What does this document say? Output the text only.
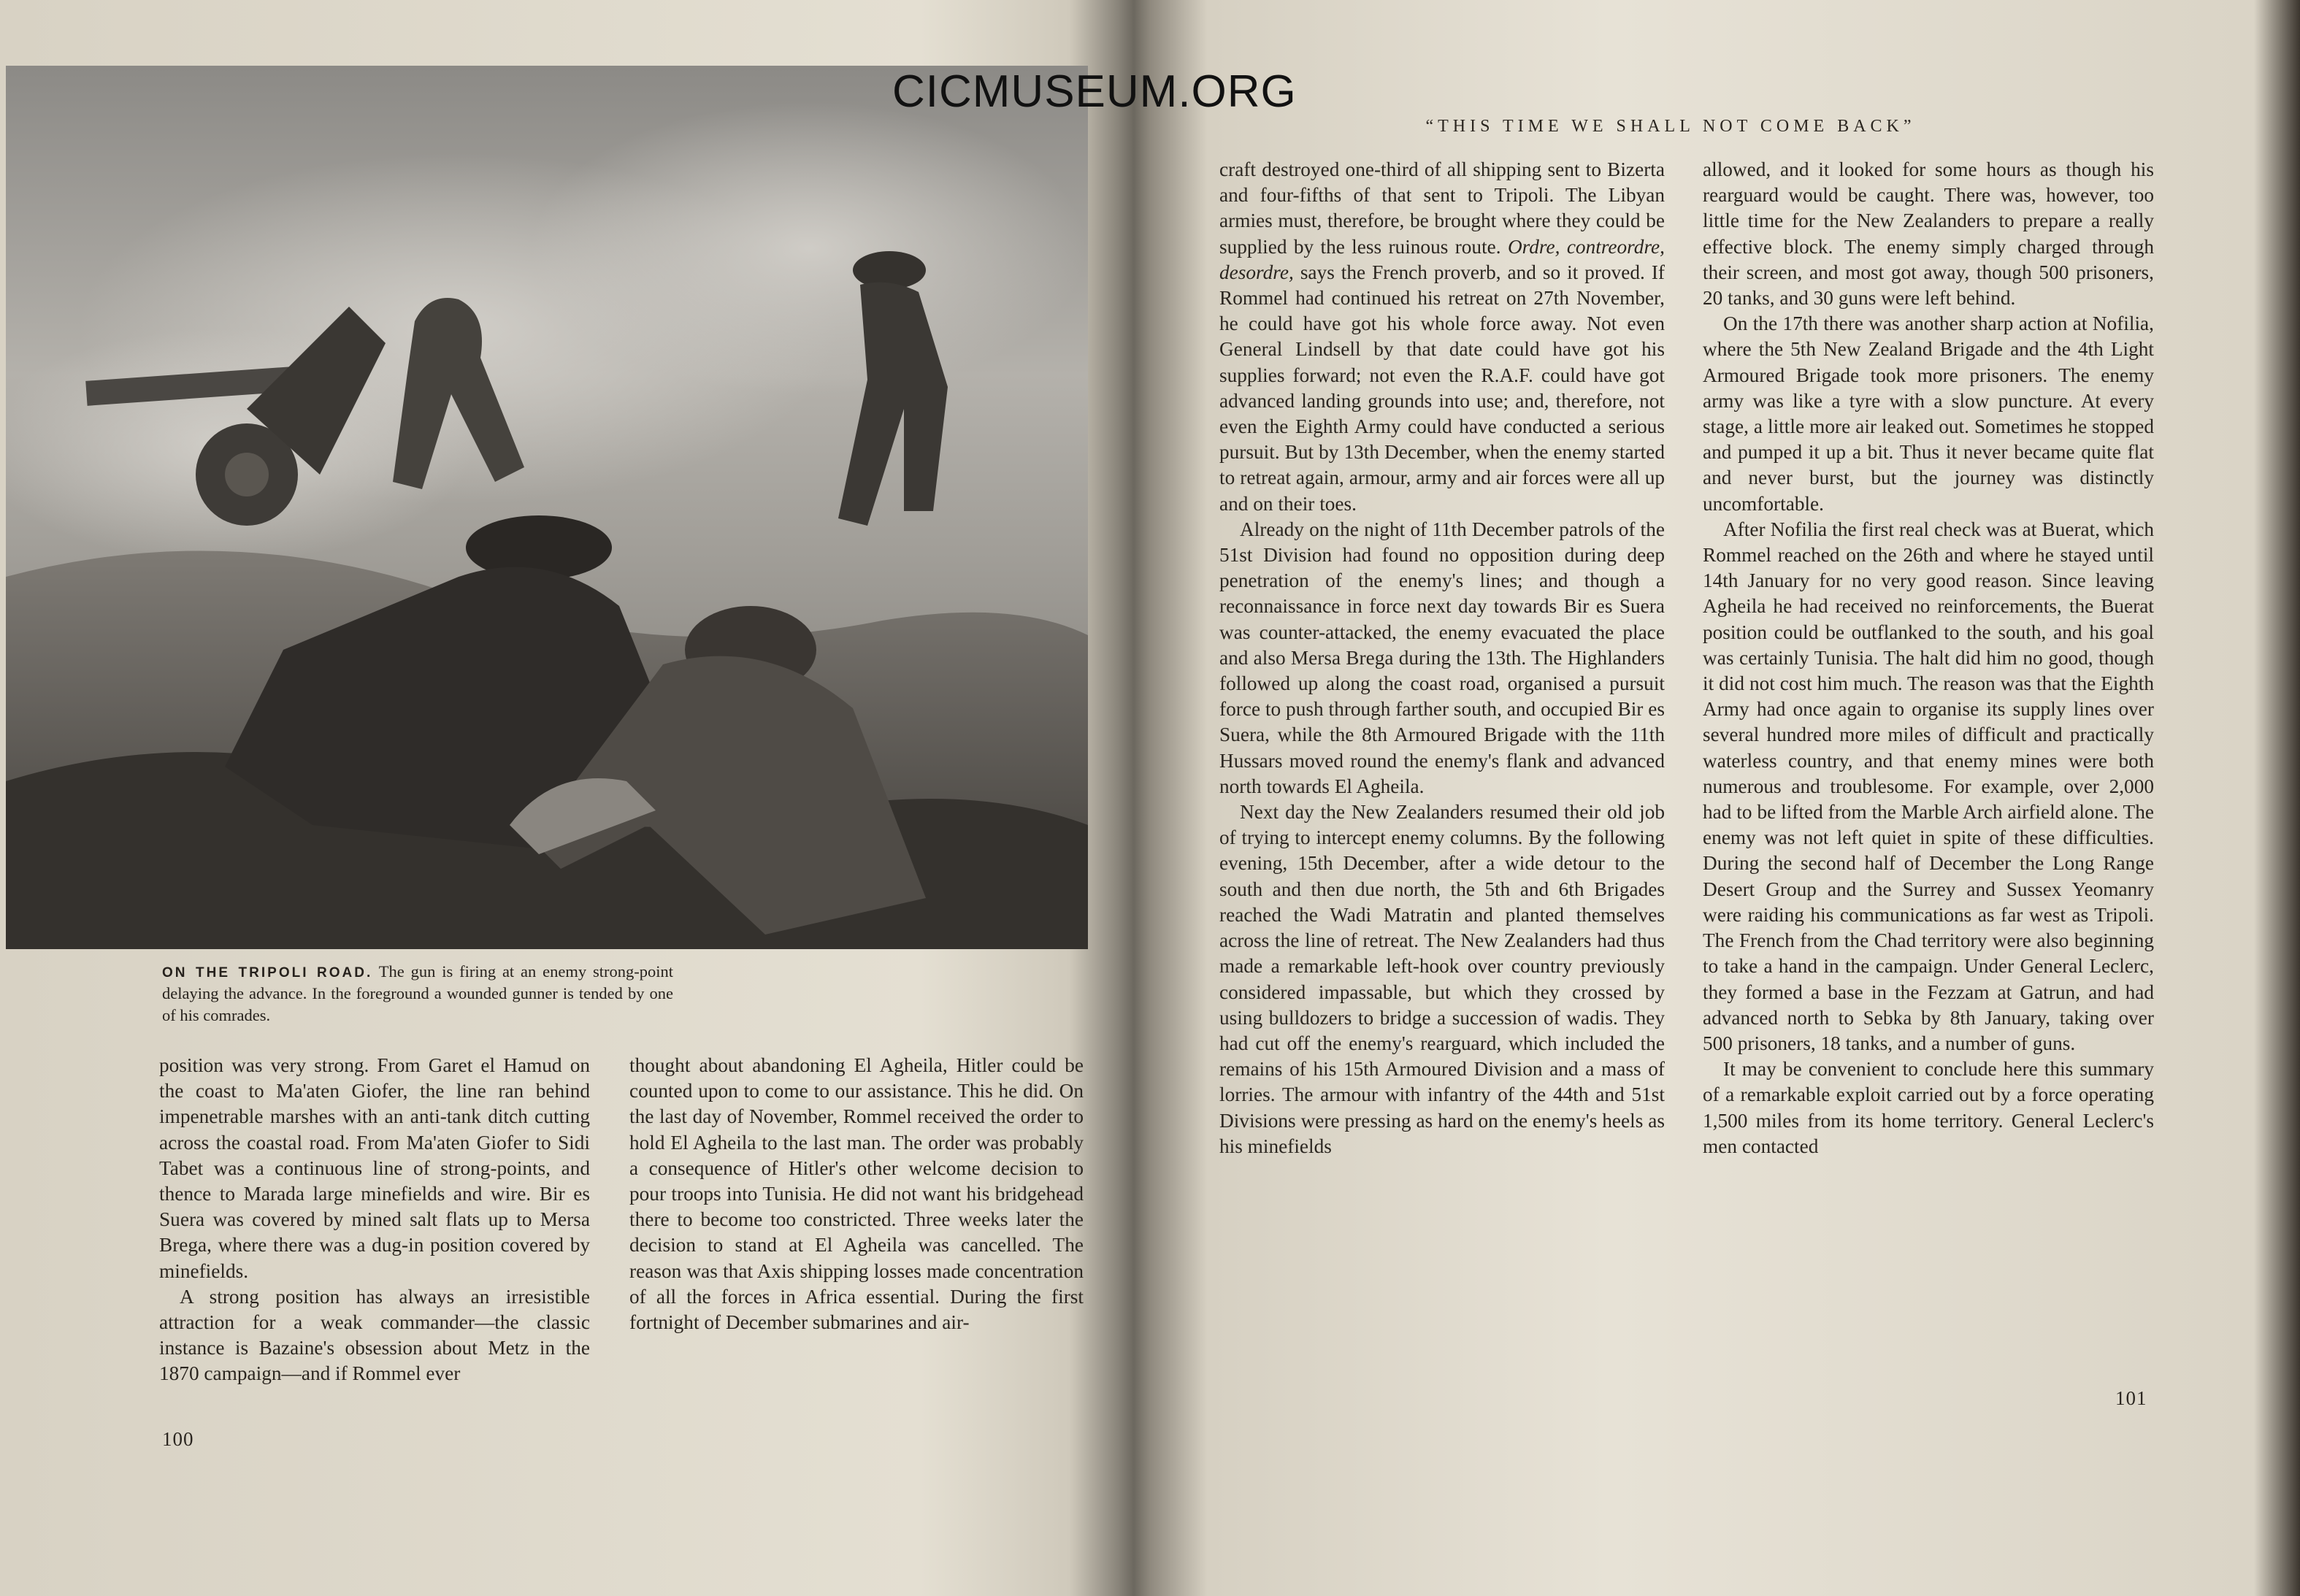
CICMUSEUM.ORG
ON THE TRIPOLI ROAD. The gun is firing at an enemy strong-point delaying the advance. In the foreground a wounded gunner is tended by one of his comrades.

position was very strong. From Garet el Hamud on the coast to Ma'aten Giofer, the line ran behind impenetrable marshes with an anti-tank ditch cutting across the coastal road. From Ma'aten Giofer to Sidi Tabet was a continuous line of strong-points, and thence to Marada large minefields and wire. Bir es Suera was covered by mined salt flats up to Mersa Brega, where there was a dug-in position covered by minefields.

A strong position has always an irresistible attraction for a weak commander—the classic instance is Bazaine's obsession about Metz in the 1870 campaign—and if Rommel ever

thought about abandoning El Agheila, Hitler could be counted upon to come to our assistance. This he did. On the last day of November, Rommel received the order to hold El Agheila to the last man. The order was probably a consequence of Hitler's other welcome decision to pour troops into Tunisia. He did not want his bridgehead there to become too constricted. Three weeks later the decision to stand at El Agheila was cancelled. The reason was that Axis shipping losses made concentration of all the forces in Africa essential. During the first fortnight of December submarines and air-

100
“THIS TIME WE SHALL NOT COME BACK”

craft destroyed one-third of all shipping sent to Bizerta and four-fifths of that sent to Tripoli. The Libyan armies must, therefore, be brought where they could be supplied by the less ruinous route. Ordre, contreordre, desordre, says the French proverb, and so it proved. If Rommel had continued his retreat on 27th November, he could have got his whole force away. Not even General Lindsell by that date could have got his supplies forward; not even the R.A.F. could have got advanced landing grounds into use; and, therefore, not even the Eighth Army could have conducted a serious pursuit. But by 13th December, when the enemy started to retreat again, armour, army and air forces were all up and on their toes.

Already on the night of 11th December patrols of the 51st Division had found no opposition during deep penetration of the enemy's lines; and though a reconnaissance in force next day towards Bir es Suera was counter-attacked, the enemy evacuated the place and also Mersa Brega during the 13th. The Highlanders followed up along the coast road, organised a pursuit force to push through farther south, and occupied Bir es Suera, while the 8th Armoured Brigade with the 11th Hussars moved round the enemy's flank and advanced north towards El Agheila.

Next day the New Zealanders resumed their old job of trying to intercept enemy columns. By the following evening, 15th December, after a wide detour to the south and then due north, the 5th and 6th Brigades reached the Wadi Matratin and planted themselves across the line of retreat. The New Zealanders had thus made a remarkable left-hook over country previously considered impassable, but which they crossed by using bulldozers to bridge a succession of wadis. They had cut off the enemy's rearguard, which included the remains of his 15th Armoured Division and a mass of lorries. The armour with infantry of the 44th and 51st Divisions were pressing as hard on the enemy's heels as his minefields

allowed, and it looked for some hours as though his rearguard would be caught. There was, however, too little time for the New Zealanders to prepare a really effective block. The enemy simply charged through their screen, and most got away, though 500 prisoners, 20 tanks, and 30 guns were left behind.

On the 17th there was another sharp action at Nofilia, where the 5th New Zealand Brigade and the 4th Light Armoured Brigade took more prisoners. The enemy army was like a tyre with a slow puncture. At every stage, a little more air leaked out. Sometimes he stopped and pumped it up a bit. Thus it never became quite flat and never burst, but the journey was distinctly uncomfortable.

After Nofilia the first real check was at Buerat, which Rommel reached on the 26th and where he stayed until 14th January for no very good reason. Since leaving Agheila he had received no reinforcements, the Buerat position could be outflanked to the south, and his goal was certainly Tunisia. The halt did him no good, though it did not cost him much. The reason was that the Eighth Army had once again to organise its supply lines over several hundred more miles of difficult and practically waterless country, and that enemy mines were both numerous and troublesome. For example, over 2,000 had to be lifted from the Marble Arch airfield alone. The enemy was not left quiet in spite of these difficulties. During the second half of December the Long Range Desert Group and the Surrey and Sussex Yeomanry were raiding his communications as far west as Tripoli. The French from the Chad territory were also beginning to take a hand in the campaign. Under General Leclerc, they formed a base in the Fezzam at Gatrun, and had advanced north to Sebka by 8th January, taking over 500 prisoners, 18 tanks, and a number of guns.

It may be convenient to conclude here this summary of a remarkable exploit carried out by a force operating 1,500 miles from its home territory. General Leclerc's men contacted

101
